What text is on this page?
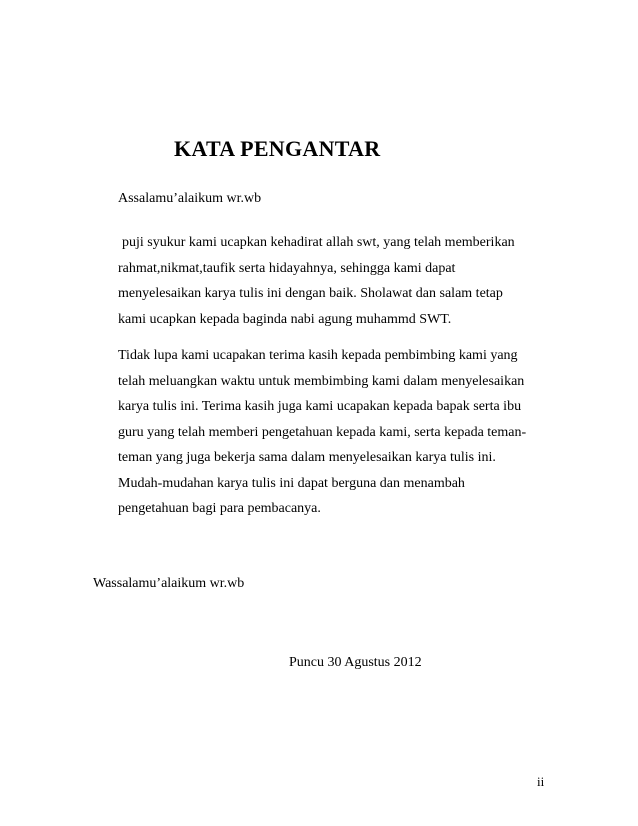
KATA PENGANTAR
Assalamu’alaikum wr.wb
puji syukur kami ucapkan kehadirat allah swt, yang telah memberikan
rahmat,nikmat,taufik serta hidayahnya, sehingga kami dapat
menyelesaikan karya tulis ini dengan baik. Sholawat dan salam tetap
kami ucapkan kepada baginda nabi agung muhammd SWT.
Tidak lupa kami ucapakan terima kasih kepada pembimbing kami yang
telah meluangkan waktu untuk membimbing kami dalam menyelesaikan
karya tulis ini. Terima kasih juga kami ucapakan kepada bapak serta ibu
guru yang telah memberi pengetahuan kepada kami, serta kepada teman-
teman yang juga bekerja sama dalam menyelesaikan karya tulis ini.
Mudah-mudahan karya tulis ini dapat berguna dan menambah
pengetahuan bagi para pembacanya.
Wassalamu’alaikum wr.wb
Puncu 30 Agustus 2012
ii
